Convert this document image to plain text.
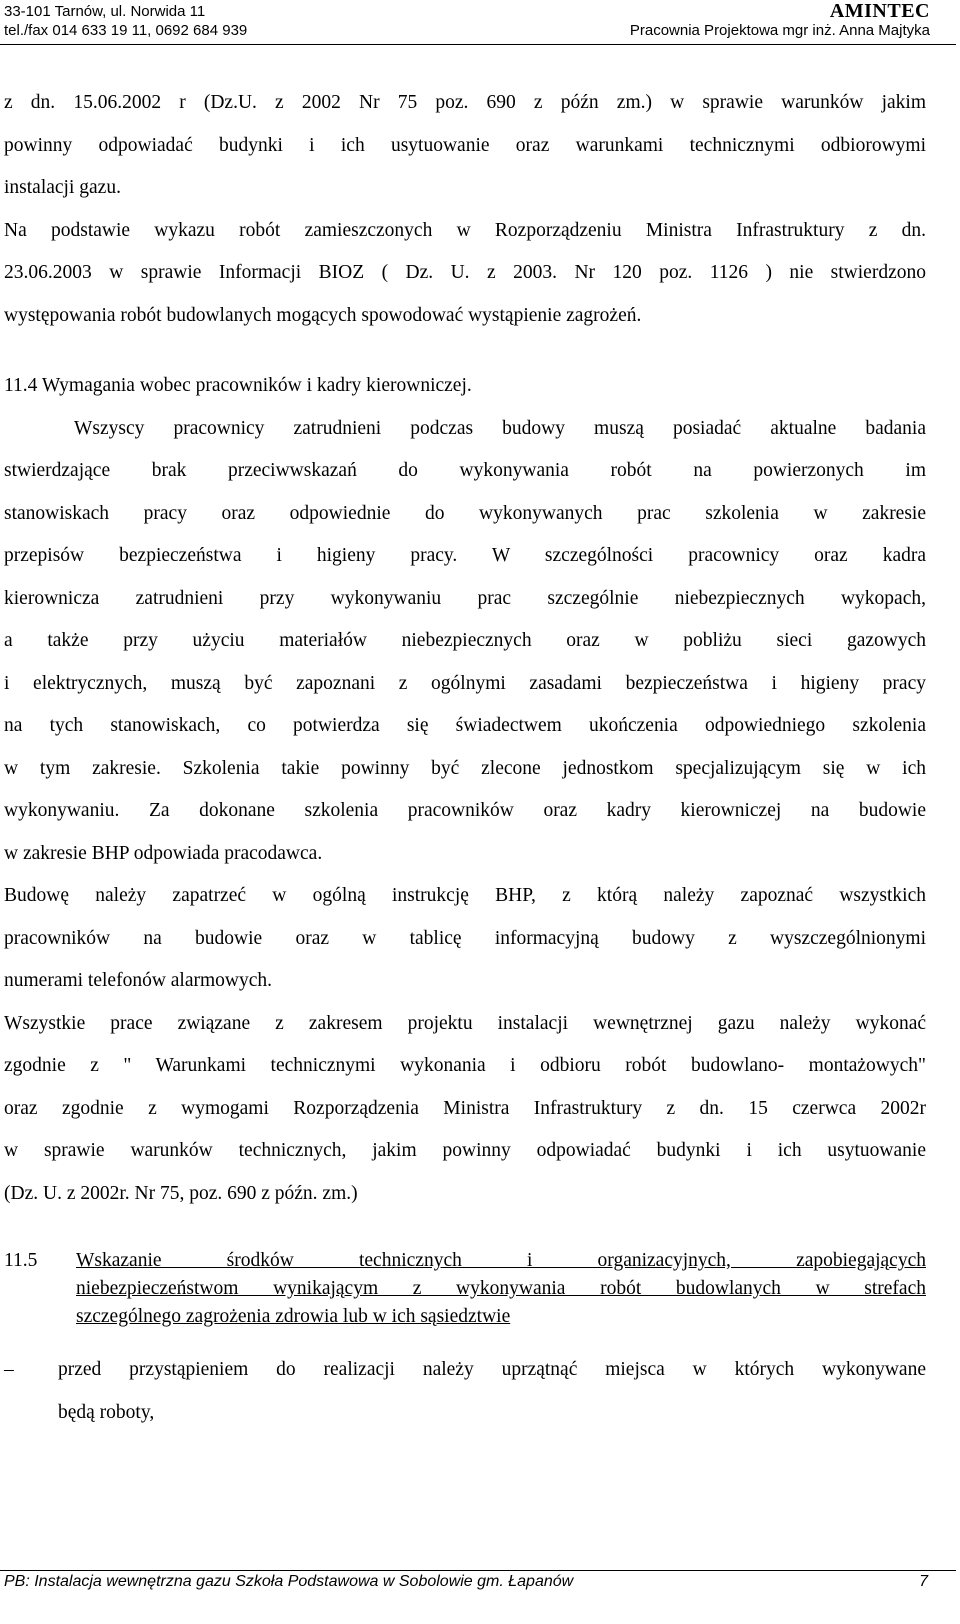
33-101 Tarnów, ul. Norwida 11
tel./fax 014 633 19 11, 0692 684 939
AMINTEC
Pracownia Projektowa mgr inż. Anna Majtyka

z dn. 15.06.2002 r (Dz.U. z 2002 Nr 75 poz. 690 z późn zm.) w sprawie warunków jakim

powinny odpowiadać budynki i ich usytuowanie oraz warunkami technicznymi odbiorowymi

instalacji gazu.

Na podstawie wykazu robót zamieszczonych w Rozporządzeniu Ministra Infrastruktury z dn.

23.06.2003 w sprawie Informacji BIOZ ( Dz. U. z 2003. Nr 120 poz. 1126 ) nie stwierdzono

występowania robót budowlanych mogących spowodować wystąpienie zagrożeń.

11.4 Wymagania wobec pracowników i kadry kierowniczej.

Wszyscy pracownicy zatrudnieni podczas budowy muszą posiadać aktualne badania

stwierdzające brak przeciwwskazań do wykonywania robót na powierzonych im

stanowiskach pracy oraz odpowiednie do wykonywanych prac szkolenia w zakresie

przepisów bezpieczeństwa i higieny pracy. W szczególności pracownicy oraz kadra

kierownicza zatrudnieni przy wykonywaniu prac szczególnie niebezpiecznych wykopach,

a także przy użyciu materiałów niebezpiecznych oraz w pobliżu sieci gazowych

i elektrycznych, muszą być zapoznani z ogólnymi zasadami bezpieczeństwa i higieny pracy

na tych stanowiskach, co potwierdza się świadectwem ukończenia odpowiedniego szkolenia

w tym zakresie. Szkolenia takie powinny być zlecone jednostkom specjalizującym się w ich

wykonywaniu. Za dokonane szkolenia pracowników oraz kadry kierowniczej na budowie

w zakresie BHP odpowiada pracodawca.

Budowę należy zapatrzeć w ogólną instrukcję BHP, z którą należy zapoznać wszystkich

pracowników na budowie oraz w tablicę informacyjną budowy z wyszczególnionymi

numerami telefonów alarmowych.

Wszystkie prace związane z zakresem projektu instalacji wewnętrznej gazu należy wykonać

zgodnie z " Warunkami technicznymi wykonania i odbioru robót budowlano- montażowych"

oraz zgodnie z wymogami Rozporządzenia Ministra Infrastruktury z dn. 15 czerwca 2002r

w sprawie warunków technicznych, jakim powinny odpowiadać budynki i ich usytuowanie

(Dz. U. z 2002r. Nr 75, poz. 690 z późn. zm.)

11.5	Wskazanie środków technicznych i organizacyjnych, zapobiegających
niebezpieczeństwom wynikającym z wykonywania robót budowlanych w strefach
szczególnego zagrożenia zdrowia lub w ich sąsiedztwie
–	przed przystąpieniem do realizacji należy uprzątnąć miejsca w których wykonywane
będą roboty,
PB: Instalacja wewnętrzna gazu Szkoła Podstawowa w Sobolowie gm. Łapanów	7
